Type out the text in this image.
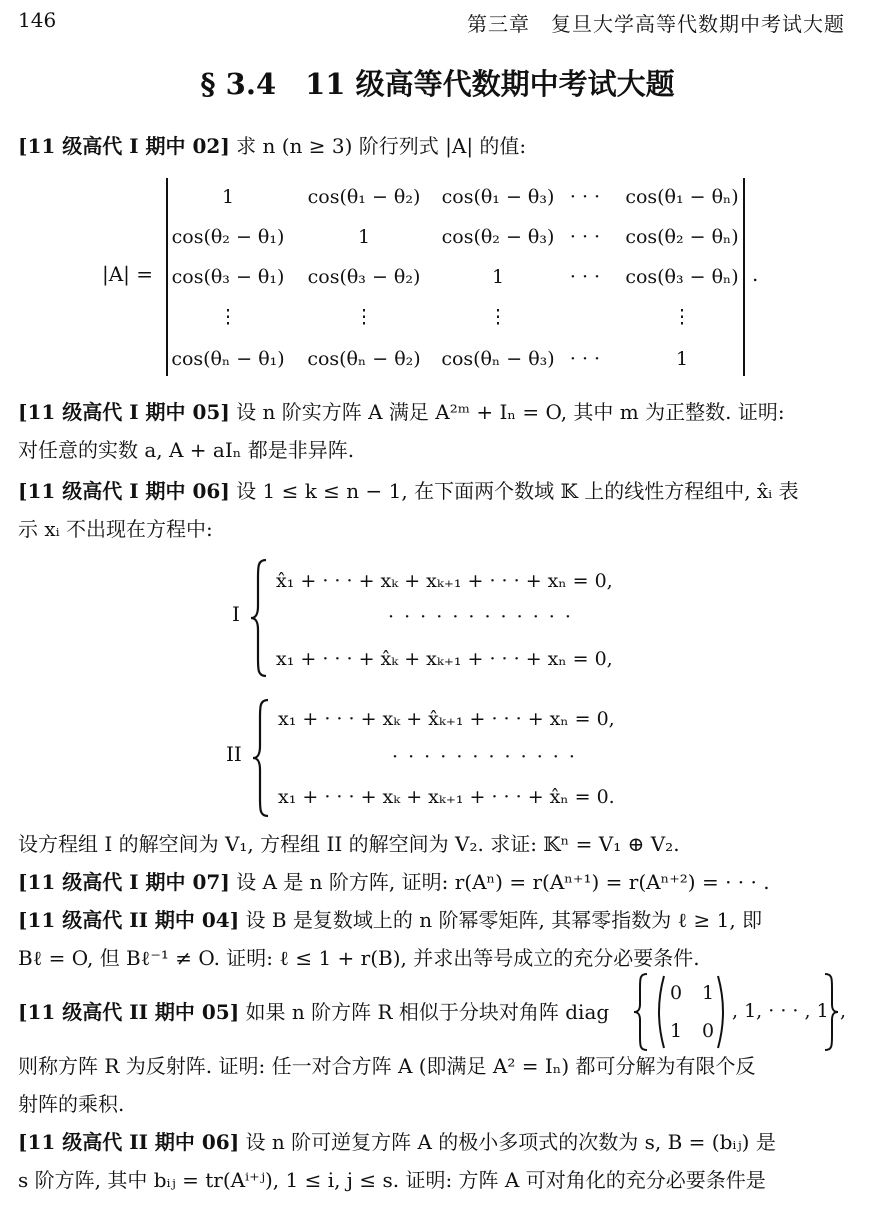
146	第三章　复旦大学高等代数期中考试大题
§ 3.4　11 级高等代数期中考试大题
[11 级高代 I 期中 02] 求 n (n ≥ 3) 阶行列式 |A| 的值:
|A| =
1	cos(θ₁ − θ₂) cos(θ₁ − θ₃) · · ·	cos(θ₁ − θₙ)
cos(θ₂ − θ₁)	1	cos(θ₂ − θ₃) · · ·	cos(θ₂ − θₙ)
cos(θ₃ − θ₁) cos(θ₃ − θ₂)	1	· · ·	cos(θ₃ − θₙ)
⋮	⋮	⋮	⋮
cos(θₙ − θ₁) cos(θₙ − θ₂) cos(θₙ − θ₃) · · ·	1
.
[11 级高代 I 期中 05] 设 n 阶实方阵 A 满足 A²ᵐ + Iₙ = O, 其中 m 为正整数. 证明:
对任意的实数 a, A + aIₙ 都是非异阵.
[11 级高代 I 期中 06] 设 1 ≤ k ≤ n − 1, 在下面两个数域 𝕂 上的线性方程组中, x̂ᵢ 表
示 xᵢ 不出现在方程中:
I
x̂₁ + · · · + xₖ + xₖ₊₁ + · · · + xₙ = 0,
· · · · · · · · · · · ·
x₁ + · · · + x̂ₖ + xₖ₊₁ + · · · + xₙ = 0,
II
x₁ + · · · + xₖ + x̂ₖ₊₁ + · · · + xₙ = 0,
· · · · · · · · · · · ·
x₁ + · · · + xₖ + xₖ₊₁ + · · · + x̂ₙ = 0.
设方程组 I 的解空间为 V₁, 方程组 II 的解空间为 V₂. 求证: 𝕂ⁿ = V₁ ⊕ V₂.
[11 级高代 I 期中 07] 设 A 是 n 阶方阵, 证明: r(Aⁿ) = r(Aⁿ⁺¹) = r(Aⁿ⁺²) = · · · .
[11 级高代 II 期中 04] 设 B 是复数域上的 n 阶幂零矩阵, 其幂零指数为 ℓ ≥ 1, 即
Bℓ = O, 但 Bℓ⁻¹ ≠ O. 证明: ℓ ≤ 1 + r(B), 并求出等号成立的充分必要条件.
[11 级高代 II 期中 05] 如果 n 阶方阵 R 相似于分块对角阵 diag
0 1
1 0
, 1, · · · , 1 ,
则称方阵 R 为反射阵. 证明: 任一对合方阵 A (即满足 A² = Iₙ) 都可分解为有限个反
射阵的乘积.
[11 级高代 II 期中 06] 设 n 阶可逆复方阵 A 的极小多项式的次数为 s, B = (bᵢⱼ) 是
s 阶方阵, 其中 bᵢⱼ = tr(Aⁱ⁺ʲ), 1 ≤ i, j ≤ s. 证明: 方阵 A 可对角化的充分必要条件是
